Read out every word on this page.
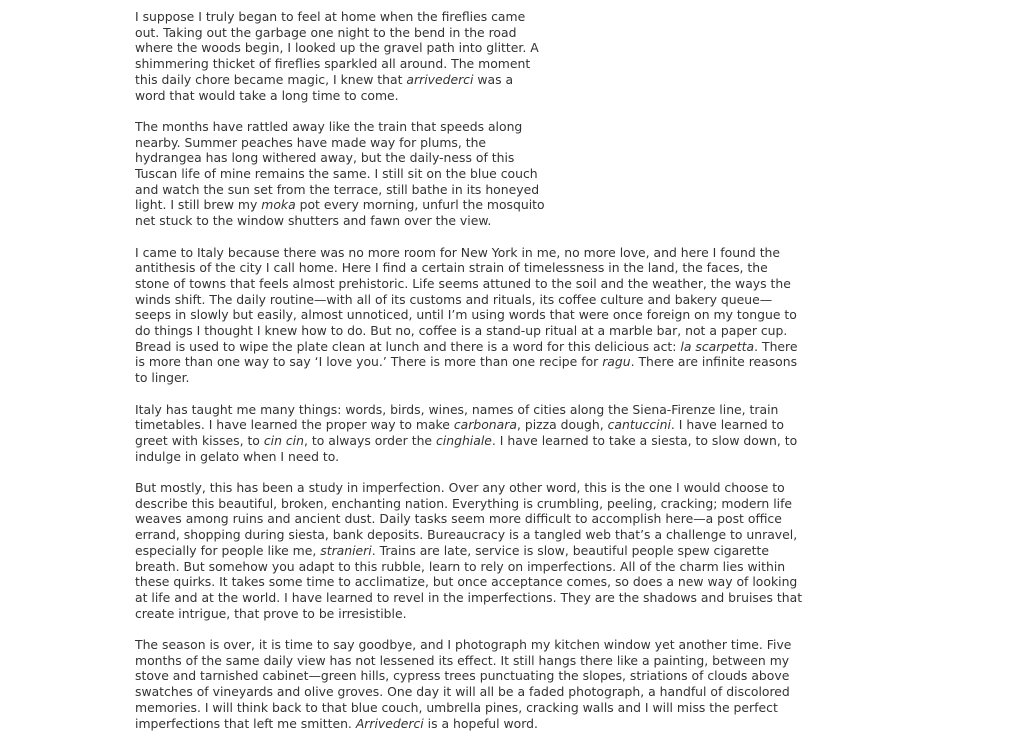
I suppose I truly began to feel at home when the fireflies came out. Taking out the garbage one night to the bend in the road where the woods begin, I looked up the gravel path into glitter. A shimmering thicket of fireflies sparkled all around. The moment this daily chore became magic, I knew that arrivederci was a word that would take a long time to come.

The months have rattled away like the train that speeds along nearby. Summer peaches have made way for plums, the hydrangea has long withered away, but the daily-ness of this Tuscan life of mine remains the same. I still sit on the blue couch and watch the sun set from the terrace, still bathe in its honeyed light. I still brew my moka pot every morning, unfurl the mosquito net stuck to the window shutters and fawn over the view.

I came to Italy because there was no more room for New York in me, no more love, and here I found the antithesis of the city I call home. Here I find a certain strain of timelessness in the land, the faces, the stone of towns that feels almost prehistoric. Life seems attuned to the soil and the weather, the ways the winds shift. The daily routine—with all of its customs and rituals, its coffee culture and bakery queue—seeps in slowly but easily, almost unnoticed, until I’m using words that were once foreign on my tongue to do things I thought I knew how to do. But no, coffee is a stand-up ritual at a marble bar, not a paper cup. Bread is used to wipe the plate clean at lunch and there is a word for this delicious act: la scarpetta. There is more than one way to say ‘I love you.’ There is more than one recipe for ragu. There are infinite reasons to linger.

Italy has taught me many things: words, birds, wines, names of cities along the Siena-Firenze line, train timetables. I have learned the proper way to make carbonara, pizza dough, cantuccini. I have learned to greet with kisses, to cin cin, to always order the cinghiale. I have learned to take a siesta, to slow down, to indulge in gelato when I need to.

But mostly, this has been a study in imperfection. Over any other word, this is the one I would choose to describe this beautiful, broken, enchanting nation. Everything is crumbling, peeling, cracking; modern life weaves among ruins and ancient dust. Daily tasks seem more difficult to accomplish here—a post office errand, shopping during siesta, bank deposits. Bureaucracy is a tangled web that’s a challenge to unravel, especially for people like me, stranieri. Trains are late, service is slow, beautiful people spew cigarette breath. But somehow you adapt to this rubble, learn to rely on imperfections. All of the charm lies within these quirks. It takes some time to acclimatize, but once acceptance comes, so does a new way of looking at life and at the world. I have learned to revel in the imperfections. They are the shadows and bruises that create intrigue, that prove to be irresistible.

The season is over, it is time to say goodbye, and I photograph my kitchen window yet another time. Five months of the same daily view has not lessened its effect. It still hangs there like a painting, between my stove and tarnished cabinet—green hills, cypress trees punctuating the slopes, striations of clouds above swatches of vineyards and olive groves. One day it will all be a faded photograph, a handful of discolored memories. I will think back to that blue couch, umbrella pines, cracking walls and I will miss the perfect imperfections that left me smitten. Arrivederci is a hopeful word.
